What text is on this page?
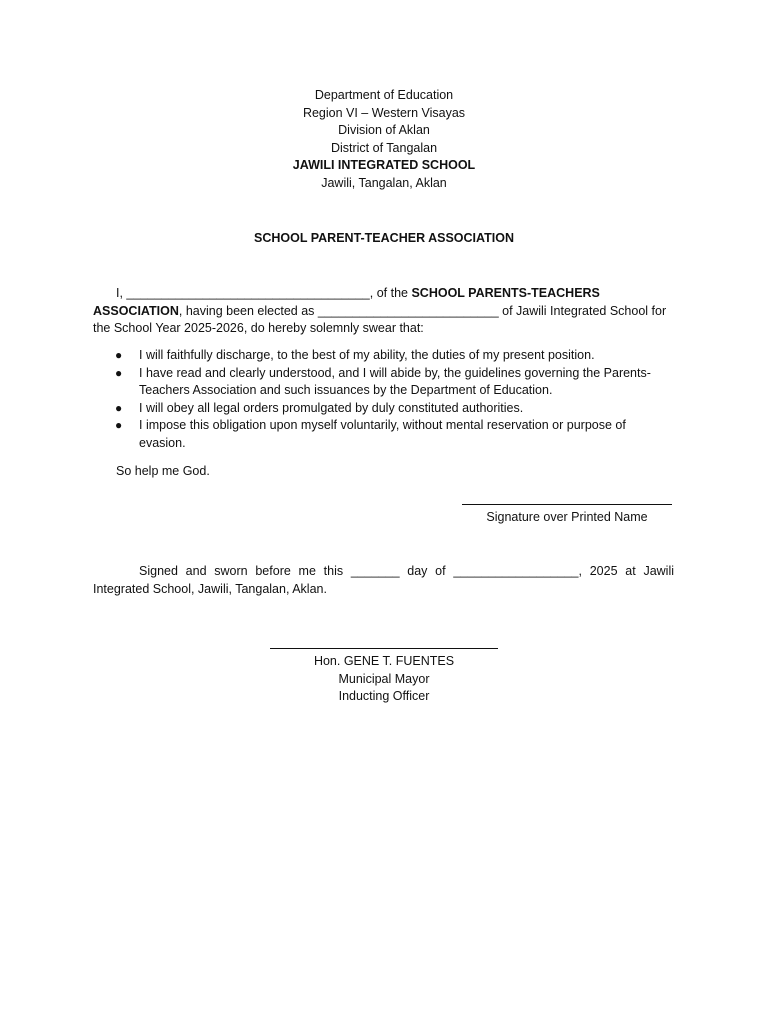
Department of Education
Region VI – Western Visayas
Division of Aklan
District of Tangalan
JAWILI INTEGRATED SCHOOL
Jawili, Tangalan, Aklan
SCHOOL PARENT-TEACHER ASSOCIATION

I, ___________________________________, of the SCHOOL PARENTS-TEACHERS ASSOCIATION, having been elected as __________________________ of Jawili Integrated School for the School Year 2025-2026, do hereby solemnly swear that:

● I will faithfully discharge, to the best of my ability, the duties of my present position.
● I have read and clearly understood, and I will abide by, the guidelines governing the Parents-Teachers Association and such issuances by the Department of Education.
● I will obey all legal orders promulgated by duly constituted authorities.
● I impose this obligation upon myself voluntarily, without mental reservation or purpose of evasion.
So help me God.
Signature over Printed Name

Signed and sworn before me this _______ day of __________________, 2025 at Jawili Integrated School, Jawili, Tangalan, Aklan.

Hon. GENE T. FUENTES
Municipal Mayor
Inducting Officer
